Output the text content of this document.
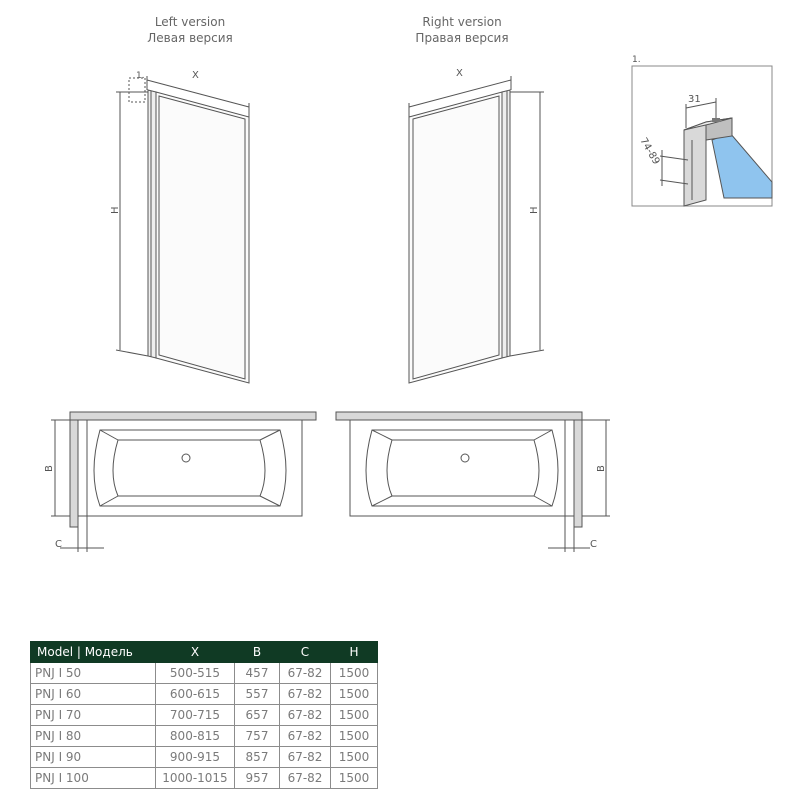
Left version
Левая версия
Right version
Правая версия
X
H
1.	X
H
1.
31
74-89
B
C
B
C
Model | Модель	X	B	C	H
PNJ I 50	500-515	457	67-82	1500
PNJ I 60	600-615	557	67-82	1500
PNJ I 70	700-715	657	67-82	1500
PNJ I 80	800-815	757	67-82	1500
PNJ I 90	900-915	857	67-82	1500
PNJ I 100	1000-1015	957	67-82	1500
